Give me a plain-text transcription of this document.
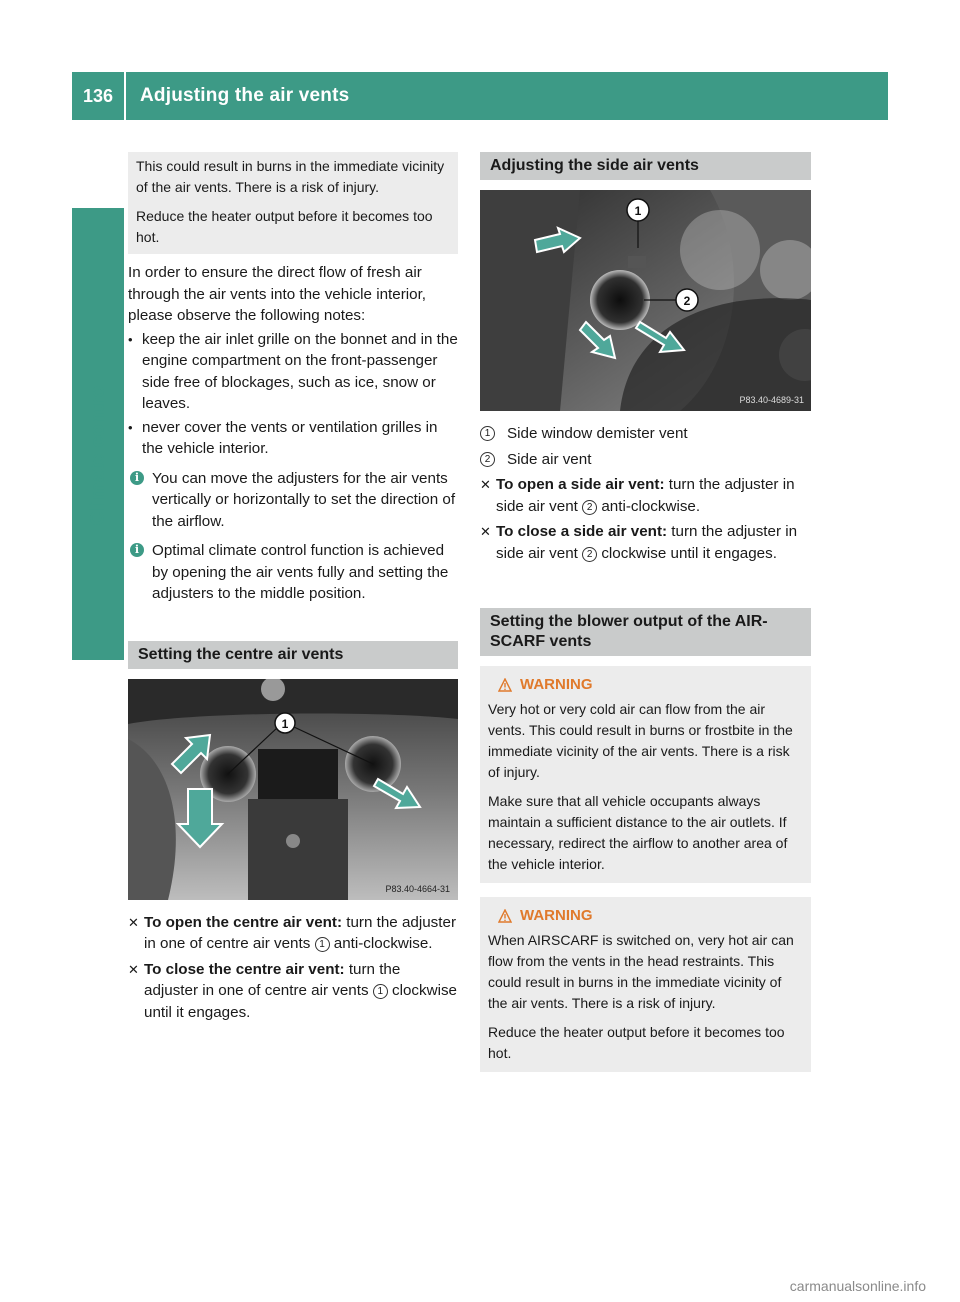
136	Adjusting the air vents
Climate control

This could result in burns in the immediate vicinity of the air vents. There is a risk of injury.

Reduce the heater output before it becomes too hot.

In order to ensure the direct flow of fresh air through the air vents into the vehicle interior, please observe the following notes:

• keep the air inlet grille on the bonnet and in the engine compartment on the front-passenger side free of blockages, such as ice, snow or leaves.
• never cover the vents or ventilation grilles in the vehicle interior.
i You can move the adjusters for the air vents vertically or horizontally to set the direction of the airflow.
i Optimal climate control function is achieved by opening the air vents fully and setting the adjusters to the middle position.
Setting the centre air vents
1
P83.40-4664-31
✕ To open the centre air vent: turn the adjuster in one of centre air vents 1 anti-clockwise.
✕ To close the centre air vent: turn the adjuster in one of centre air vents 1 clockwise until it engages.
Adjusting the side air vents
1
2
P83.40-4689-31
1	Side window demister vent
2	Side air vent
✕ To open a side air vent: turn the adjuster in side air vent 2 anti-clockwise.
✕ To close a side air vent: turn the adjuster in side air vent 2 clockwise until it engages.
Setting the blower output of the AIR-SCARF vents
WARNING

Very hot or very cold air can flow from the air vents. This could result in burns or frostbite in the immediate vicinity of the air vents. There is a risk of injury.

Make sure that all vehicle occupants always maintain a sufficient distance to the air outlets. If necessary, redirect the airflow to another area of the vehicle interior.

WARNING

When AIRSCARF is switched on, very hot air can flow from the vents in the head restraints. This could result in burns in the immediate vicinity of the air vents. There is a risk of injury.

Reduce the heater output before it becomes too hot.

carmanualsonline.info
